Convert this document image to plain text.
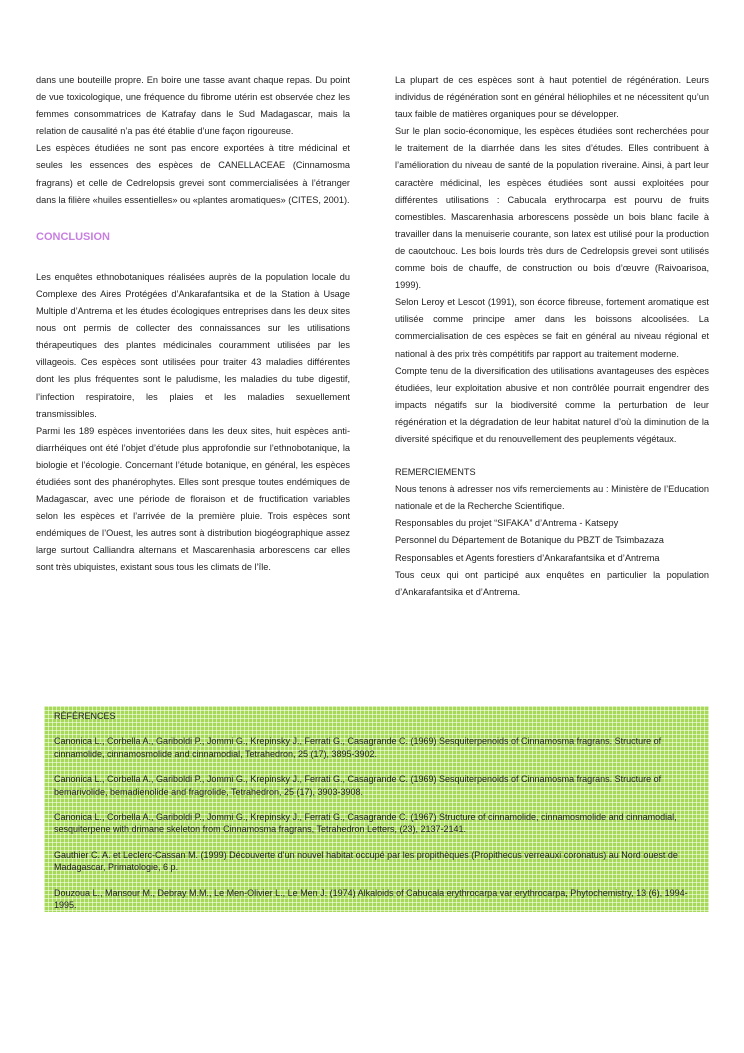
dans une bouteille propre. En boire une tasse avant chaque repas. Du point de vue toxicologique, une fréquence du fibrome utérin est observée chez les femmes consommatrices de Katrafay dans le Sud Madagascar, mais la relation de causalité n’a pas été établie d’une façon rigoureuse.

Les espèces étudiées ne sont pas encore exportées à titre médicinal et seules les essences des espèces de CANELLACEAE (Cinnamosma fragrans) et celle de Cedrelopsis grevei sont commercialisées à l’étranger dans la filière «huiles essentielles» ou «plantes aromatiques» (CITES, 2001).

CONCLUSION

Les enquêtes ethnobotaniques réalisées auprès de la population locale du Complexe des Aires Protégées d’Ankarafantsika et de la Station à Usage Multiple d’Antrema et les études écologiques entreprises dans les deux sites nous ont permis de collecter des connaissances sur les utilisations thérapeutiques des plantes médicinales couramment utilisées par les villageois. Ces espèces sont utilisées pour traiter 43 maladies différentes dont les plus fréquentes sont le paludisme, les maladies du tube digestif, l’infection respiratoire, les plaies et les maladies sexuellement transmissibles.

Parmi les 189 espèces inventoriées dans les deux sites, huit espèces anti-diarrhéiques ont été l’objet d’étude plus approfondie sur l’ethnobotanique, la biologie et l’écologie. Concernant l’étude botanique, en général, les espèces étudiées sont des phanérophytes. Elles sont presque toutes endémiques de Madagascar, avec une période de floraison et de fructification variables selon les espèces et l’arrivée de la première pluie. Trois espèces sont endémiques de l’Ouest, les autres sont à distribution biogéographique assez large surtout Calliandra alternans et Mascarenhasia arborescens car elles sont très ubiquistes, existant sous tous les climats de l’île.

La plupart de ces espèces sont à haut potentiel de régénération. Leurs individus de régénération sont en général héliophiles et ne nécessitent qu’un taux faible de matières organiques pour se développer.

Sur le plan socio-économique, les espèces étudiées sont recherchées pour le traitement de la diarrhée dans les sites d’études. Elles contribuent à l’amélioration du niveau de santé de la population riveraine. Ainsi, à part leur caractère médicinal, les espèces étudiées sont aussi exploitées pour différentes utilisations : Cabucala erythrocarpa est pourvu de fruits comestibles. Mascarenhasia arborescens possède un bois blanc facile à travailler dans la menuiserie courante, son latex est utilisé pour la production de caoutchouc. Les bois lourds très durs de Cedrelopsis grevei sont utilisés comme bois de chauffe, de construction ou bois d’œuvre (Raivoarisoa, 1999).

Selon Leroy et Lescot (1991), son écorce fibreuse, fortement aromatique est utilisée comme principe amer dans les boissons alcoolisées. La commercialisation de ces espèces se fait en général au niveau régional et national à des prix très compétitifs par rapport au traitement moderne.

Compte tenu de la diversification des utilisations avantageuses des espèces étudiées, leur exploitation abusive et non contrôlée pourrait engendrer des impacts négatifs sur la biodiversité comme la perturbation de leur régénération et la dégradation de leur habitat naturel d’où la diminution de la diversité spécifique et du renouvellement des peuplements végétaux.

REMERCIEMENTS

Nous tenons à adresser nos vifs remerciements au : Ministère de l’Education nationale et de la Recherche Scientifique.

Responsables du projet “SIFAKA” d’Antrema - Katsepy

Personnel du Département de Botanique du PBZT de Tsimbazaza

Responsables et Agents forestiers d’Ankarafantsika et d’Antrema

Tous ceux qui ont participé aux enquêtes en particulier la population d’Ankarafantsika et d’Antrema.

RÉFÉRENCES

Canonica L., Corbella A., Gariboldi P., Jommi G., Krepinsky J., Ferrati G., Casagrande C. (1969) Sesquiterpenoids of Cinnamosma fragrans. Structure of cinnamolide, cinnamosmolide and cinnamodial, Tetrahedron, 25 (17), 3895-3902.

Canonica L., Corbella A., Gariboldi P., Jommi G., Krepinsky J., Ferrati G., Casagrande C. (1969) Sesquiterpenoids of Cinnamosma fragrans. Structure of bemarivolide, bemadienolide and fragrolide, Tetrahedron, 25 (17), 3903-3908.

Canonica L., Corbella A., Gariboldi P., Jommi G., Krepinsky J., Ferrati G., Casagrande C. (1967) Structure of cinnamolide, cinnamosmolide and cinnamodial, sesquiterpene with drimane skeleton from Cinnamosma fragrans, Tetrahedron Letters, (23), 2137-2141.

Gauthier C. A. et Leclerc-Cassan M. (1999) Découverte d’un nouvel habitat occupé par les propithèques (Propithecus verreauxi coronatus) au Nord ouest de Madagascar, Primatologie, 6 p.

Douzoua L., Mansour M., Debray M.M., Le Men-Olivier L., Le Men J. (1974) Alkaloids of Cabucala erythrocarpa var erythrocarpa, Phytochemistry, 13 (6), 1994-1995.
